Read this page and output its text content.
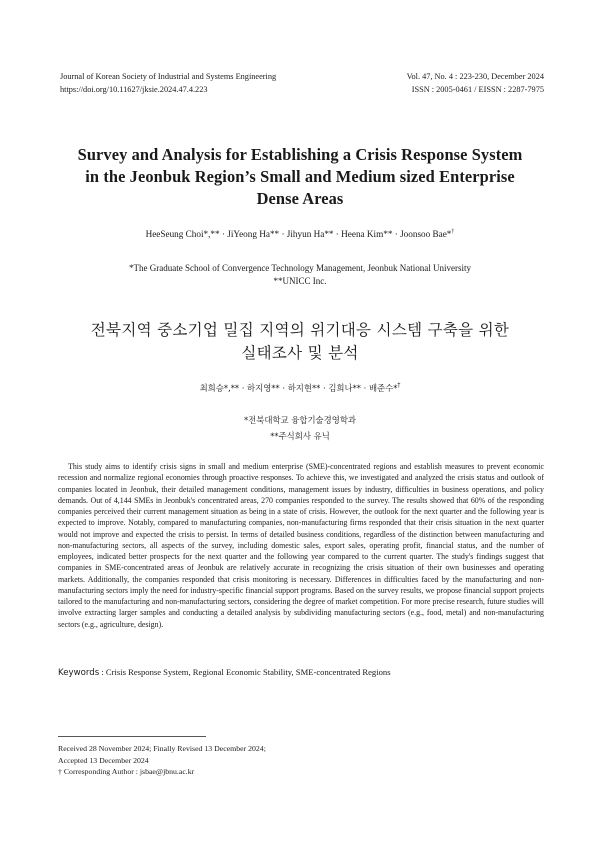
Journal of Korean Society of Industrial and Systems Engineering
https://doi.org/10.11627/jksie.2024.47.4.223
Vol. 47, No. 4 : 223-230, December 2024
ISSN : 2005-0461 / EISSN : 2287-7975
Survey and Analysis for Establishing a Crisis Response System
in the Jeonbuk Region’s Small and Medium sized Enterprise
Dense Areas
HeeSeung Choi*,** · JiYeong Ha** · Jihyun Ha** · Heena Kim** · Joonsoo Bae*†
*The Graduate School of Convergence Technology Management, Jeonbuk National University
**UNICC Inc.
전북지역 중소기업 밀집 지역의 위기대응 시스템 구축을 위한
실태조사 및 분석
최희승*,** · 하지영** · 하지현** · 김희나** · 배준수*†
*전북대학교 융합기술경영학과
**주식회사 유닉

This study aims to identify crisis signs in small and medium enterprise (SME)-concentrated regions and establish measures to prevent economic recession and normalize regional economies through proactive responses. To achieve this, we investigated and analyzed the crisis status and outlook of companies located in Jeonbuk, their detailed management conditions, management issues by industry, difficulties in business operations, and policy demands. Out of 4,144 SMEs in Jeonbuk's concentrated areas, 270 companies responded to the survey. The results showed that 60% of the responding companies perceived their current management situation as being in a state of crisis. However, the outlook for the next quarter and the following year is expected to improve. Notably, compared to manufacturing companies, non-manufacturing firms responded that their crisis situation in the next quarter would not improve and expected the crisis to persist. In terms of detailed business conditions, regardless of the distinction between manufacturing and non-manufacturing sectors, all aspects of the survey, including domestic sales, export sales, operating profit, financial status, and the number of employees, indicated better prospects for the next quarter and the following year compared to the current quarter. The study's findings suggest that companies in SME-concentrated areas of Jeonbuk are relatively accurate in recognizing the crisis situation of their own businesses and operating markets. Additionally, the companies responded that crisis monitoring is necessary. Differences in difficulties faced by the manufacturing and non-manufacturing sectors imply the need for industry-specific financial support programs. Based on the survey results, we propose financial support projects tailored to the manufacturing and non-manufacturing sectors, considering the degree of market competition. For more precise research, future studies will involve extracting larger samples and conducting a detailed analysis by subdividing manufacturing sectors (e.g., food, metal) and non-manufacturing sectors (e.g., agriculture, design).

Keywords : Crisis Response System, Regional Economic Stability, SME-concentrated Regions
Received 28 November 2024; Finally Revised 13 December 2024;
Accepted 13 December 2024
† Corresponding Author : jsbae@jbnu.ac.kr
